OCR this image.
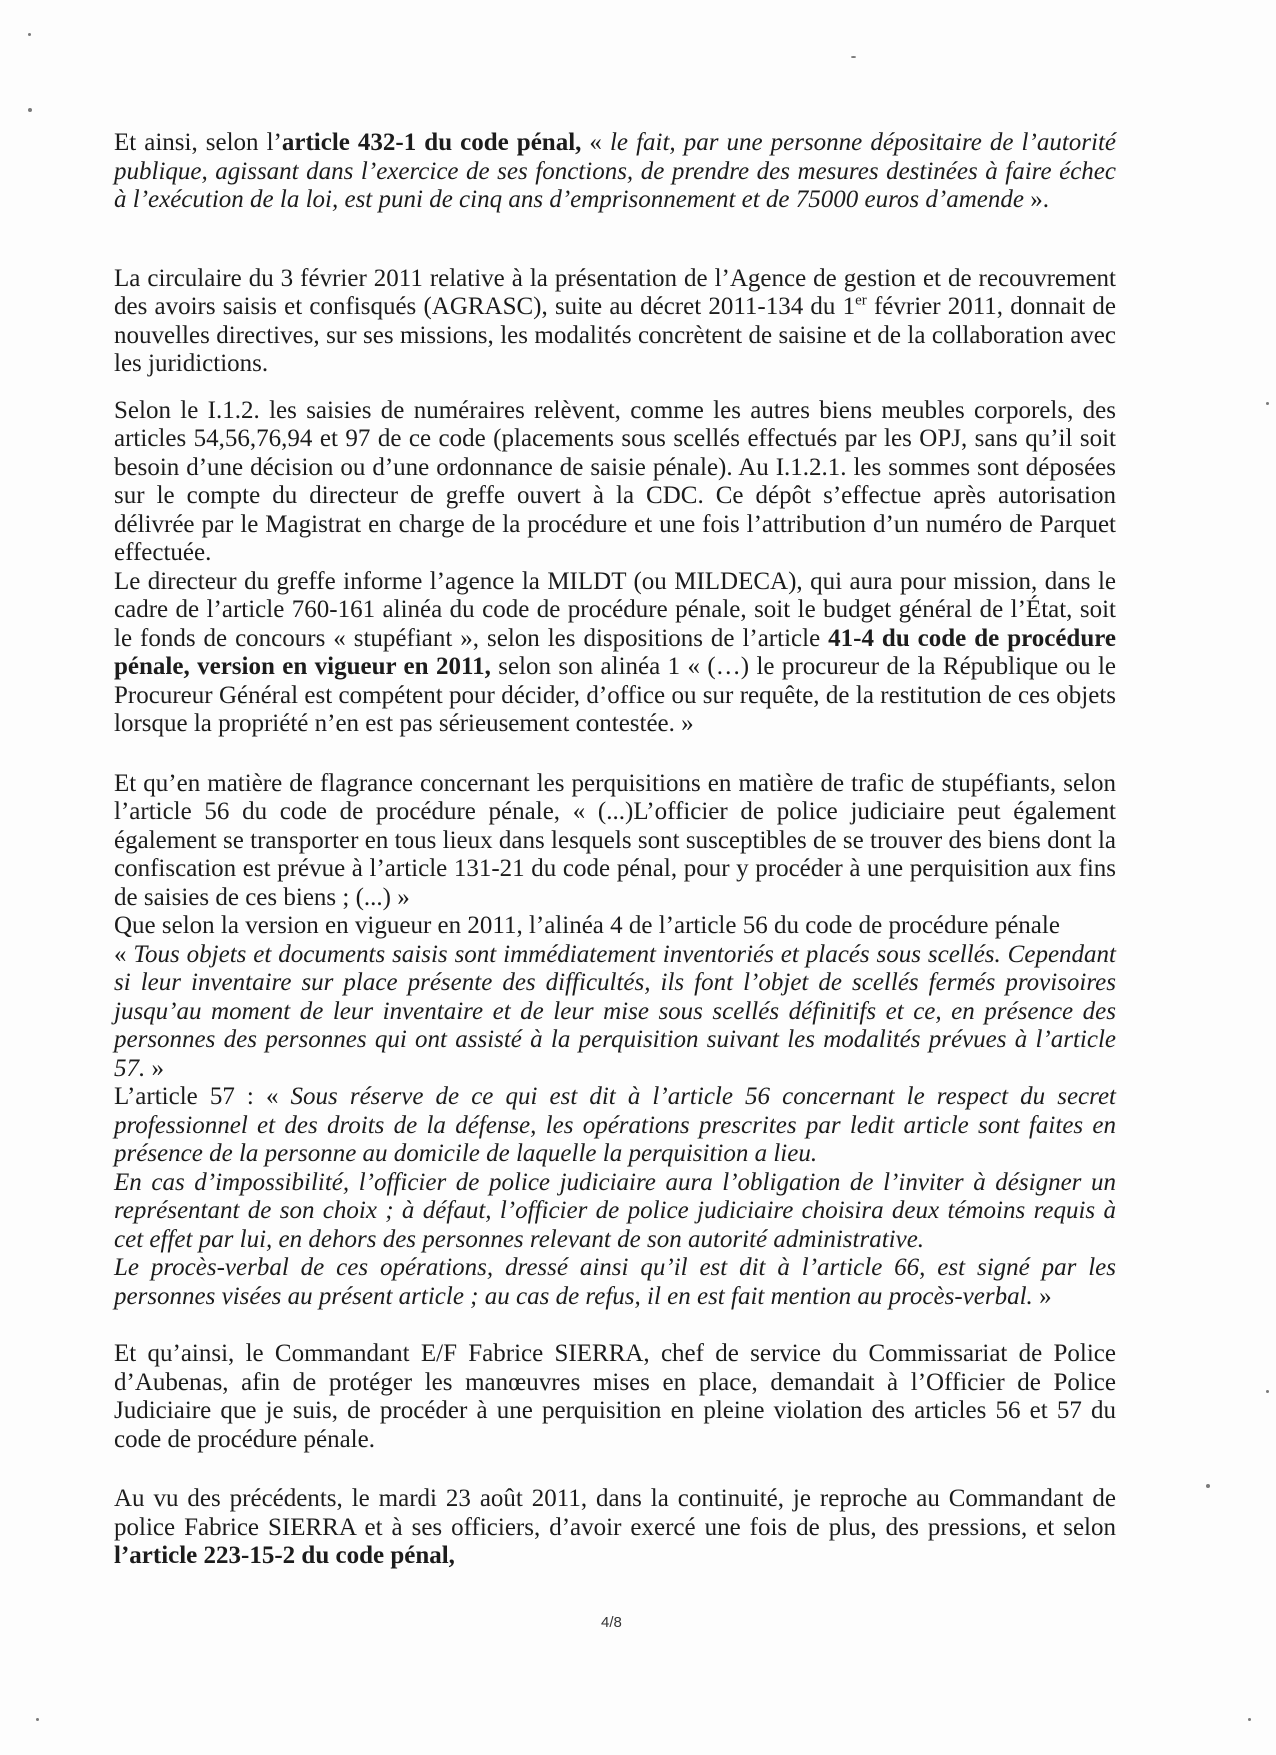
Et ainsi, selon l’article 432-1 du code pénal, « le fait, par une personne dépositaire de l’autorité publique, agissant dans l’exercice de ses fonctions, de prendre des mesures destinées à faire échec à l’exécution de la loi, est puni de cinq ans d’emprisonnement et de 75000 euros d’amende ».

La circulaire du 3 février 2011 relative à la présentation de l’Agence de gestion et de recouvrement des avoirs saisis et confisqués (AGRASC), suite au décret 2011-134 du 1er février 2011, donnait de nouvelles directives, sur ses missions, les modalités concrètent de saisine et de la collaboration avec les juridictions.

Selon le I.1.2. les saisies de numéraires relèvent, comme les autres biens meubles corporels, des articles 54,56,76,94 et 97 de ce code (placements sous scellés effectués par les OPJ, sans qu’il soit besoin d’une décision ou d’une ordonnance de saisie pénale). Au I.1.2.1. les sommes sont déposées sur le compte du directeur de greffe ouvert à la CDC. Ce dépôt s’effectue après autorisation délivrée par le Magistrat en charge de la procédure et une fois l’attribution d’un numéro de Parquet effectuée.

Le directeur du greffe informe l’agence la MILDT (ou MILDECA), qui aura pour mission, dans le cadre de l’article 760-161 alinéa du code de procédure pénale, soit le budget général de l’État, soit le fonds de concours « stupéfiant », selon les dispositions de l’article 41-4 du code de procédure pénale, version en vigueur en 2011, selon son alinéa 1 « (…) le procureur de la République ou le Procureur Général est compétent pour décider, d’office ou sur requête, de la restitution de ces objets lorsque la propriété n’en est pas sérieusement contestée. »

Et qu’en matière de flagrance concernant les perquisitions en matière de trafic de stupéfiants, selon l’article 56 du code de procédure pénale, « (...)L’officier de police judiciaire peut également également se transporter en tous lieux dans lesquels sont susceptibles de se trouver des biens dont la confiscation est prévue à l’article 131-21 du code pénal, pour y procéder à une perquisition aux fins de saisies de ces biens ; (...) »

Que selon la version en vigueur en 2011, l’alinéa 4 de l’article 56 du code de procédure pénale

« Tous objets et documents saisis sont immédiatement inventoriés et placés sous scellés. Cependant si leur inventaire sur place présente des difficultés, ils font l’objet de scellés fermés provisoires jusqu’au moment de leur inventaire et de leur mise sous scellés définitifs et ce, en présence des personnes des personnes qui ont assisté à la perquisition suivant les modalités prévues à l’article 57. »

L’article 57 : « Sous réserve de ce qui est dit à l’article 56 concernant le respect du secret professionnel et des droits de la défense, les opérations prescrites par ledit article sont faites en présence de la personne au domicile de laquelle la perquisition a lieu.

En cas d’impossibilité, l’officier de police judiciaire aura l’obligation de l’inviter à désigner un représentant de son choix ; à défaut, l’officier de police judiciaire choisira deux témoins requis à cet effet par lui, en dehors des personnes relevant de son autorité administrative.

Le procès-verbal de ces opérations, dressé ainsi qu’il est dit à l’article 66, est signé par les personnes visées au présent article ; au cas de refus, il en est fait mention au procès-verbal. »

Et qu’ainsi, le Commandant E/F Fabrice SIERRA, chef de service du Commissariat de Police d’Aubenas, afin de protéger les manœuvres mises en place, demandait à l’Officier de Police Judiciaire que je suis, de procéder à une perquisition en pleine violation des articles 56 et 57 du code de procédure pénale.

Au vu des précédents, le mardi 23 août 2011, dans la continuité, je reproche au Commandant de police Fabrice SIERRA et à ses officiers, d’avoir exercé une fois de plus, des pressions, et selon l’article 223-15-2 du code pénal,

4/8
